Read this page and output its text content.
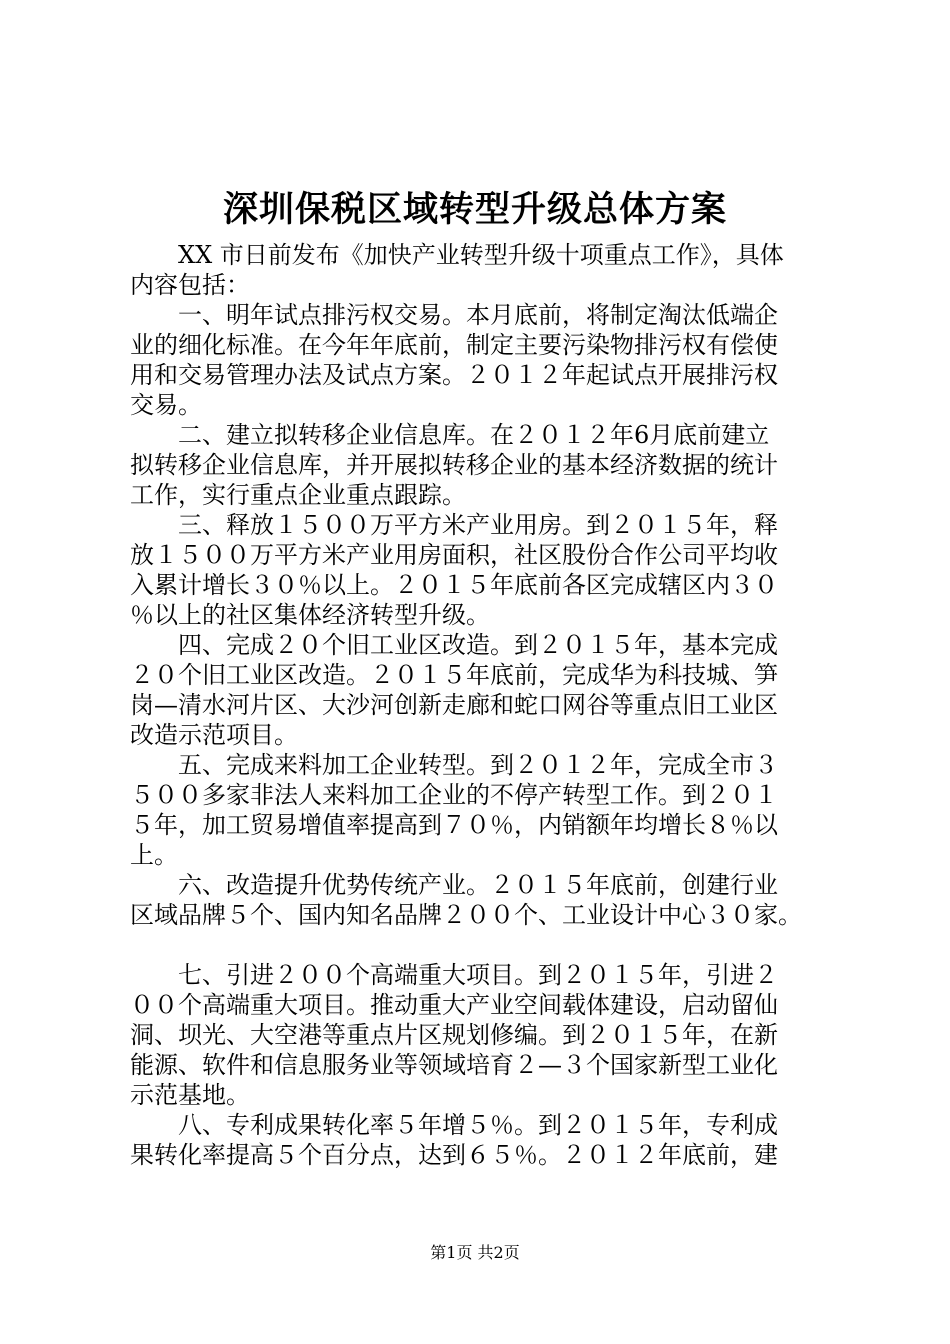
深圳保税区域转型升级总体方案
XX 市日前发布《加快产业转型升级十项重点工作》，具体
内容包括：
一、明年试点排污权交易。本月底前，将制定淘汰低端企
业的细化标准。在今年年底前，制定主要污染物排污权有偿使
用和交易管理办法及试点方案。２０１２年起试点开展排污权
交易。
二、建立拟转移企业信息库。在２０１２年6月底前建立
拟转移企业信息库，并开展拟转移企业的基本经济数据的统计
工作，实行重点企业重点跟踪。
三、释放１５００万平方米产业用房。到２０１５年，释
放１５００万平方米产业用房面积，社区股份合作公司平均收
入累计增长３０％以上。２０１５年底前各区完成辖区内３０
％以上的社区集体经济转型升级。
四、完成２０个旧工业区改造。到２０１５年，基本完成
２０个旧工业区改造。２０１５年底前，完成华为科技城、笋
岗—清水河片区、大沙河创新走廊和蛇口网谷等重点旧工业区
改造示范项目。
五、完成来料加工企业转型。到２０１２年，完成全市３
５００多家非法人来料加工企业的不停产转型工作。到２０１
５年，加工贸易增值率提高到７０％，内销额年均增长８％以
上。
六、改造提升优势传统产业。２０１５年底前，创建行业
区域品牌５个、国内知名品牌２００个、工业设计中心３０家。
七、引进２００个高端重大项目。到２０１５年，引进２
００个高端重大项目。推动重大产业空间载体建设，启动留仙
洞、坝光、大空港等重点片区规划修编。到２０１５年，在新
能源、软件和信息服务业等领域培育２—３个国家新型工业化
示范基地。
八、专利成果转化率５年增５％。到２０１５年，专利成
果转化率提高５个百分点，达到６５％。２０１２年底前，建
第1页 共2页
